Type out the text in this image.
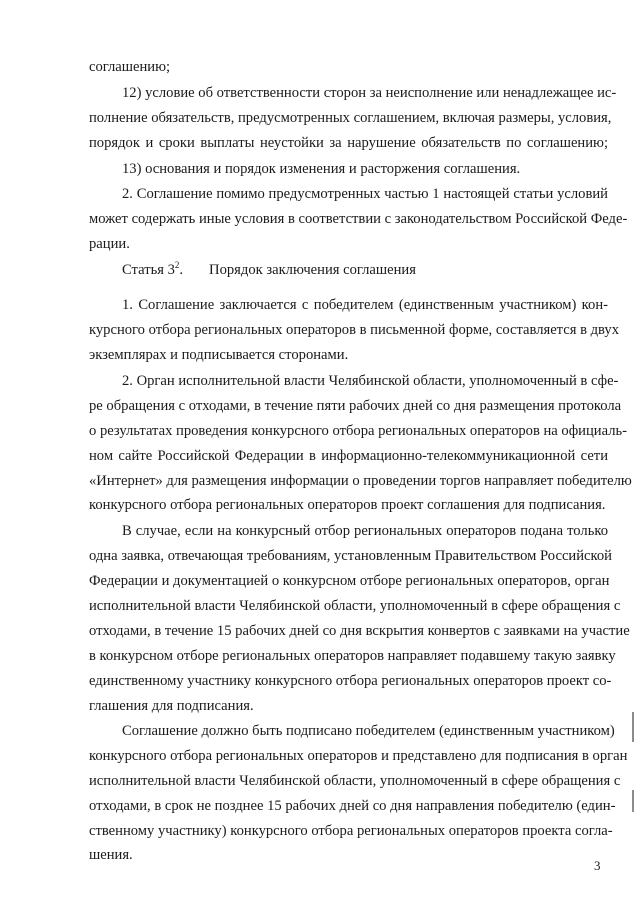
соглашению;
12) условие об ответственности сторон за неисполнение или ненадлежащее ис-
полнение обязательств, предусмотренных соглашением, включая размеры, условия,
порядок и сроки выплаты неустойки за нарушение обязательств по соглашению;
13) основания и порядок изменения и расторжения соглашения.
2. Соглашение помимо предусмотренных частью 1 настоящей статьи условий
может содержать иные условия в соответствии с законодательством Российской Феде-
рации.
Статья $3^2$. Порядок заключения соглашения
1. Соглашение заключается с победителем (единственным участником) кон-
курсного отбора региональных операторов в письменной форме, составляется в двух
экземплярах и подписывается сторонами.
2. Орган исполнительной власти Челябинской области, уполномоченный в сфе-
ре обращения с отходами, в течение пяти рабочих дней со дня размещения протокола
о результатах проведения конкурсного отбора региональных операторов на официаль-
ном сайте Российской Федерации в информационно-телекоммуникационной сети
«Интернет» для размещения информации о проведении торгов направляет победителю
конкурсного отбора региональных операторов проект соглашения для подписания.
В случае, если на конкурсный отбор региональных операторов подана только
одна заявка, отвечающая требованиям, установленным Правительством Российской
Федерации и документацией о конкурсном отборе региональных операторов, орган
исполнительной власти Челябинской области, уполномоченный в сфере обращения с
отходами, в течение 15 рабочих дней со дня вскрытия конвертов с заявками на участие
в конкурсном отборе региональных операторов направляет подавшему такую заявку
единственному участнику конкурсного отбора региональных операторов проект со-
глашения для подписания.
Соглашение должно быть подписано победителем (единственным участником)
конкурсного отбора региональных операторов и представлено для подписания в орган
исполнительной власти Челябинской области, уполномоченный в сфере обращения с
отходами, в срок не позднее 15 рабочих дней со дня направления победителю (един-
ственному участнику) конкурсного отбора региональных операторов проекта согла-
шения.
3
